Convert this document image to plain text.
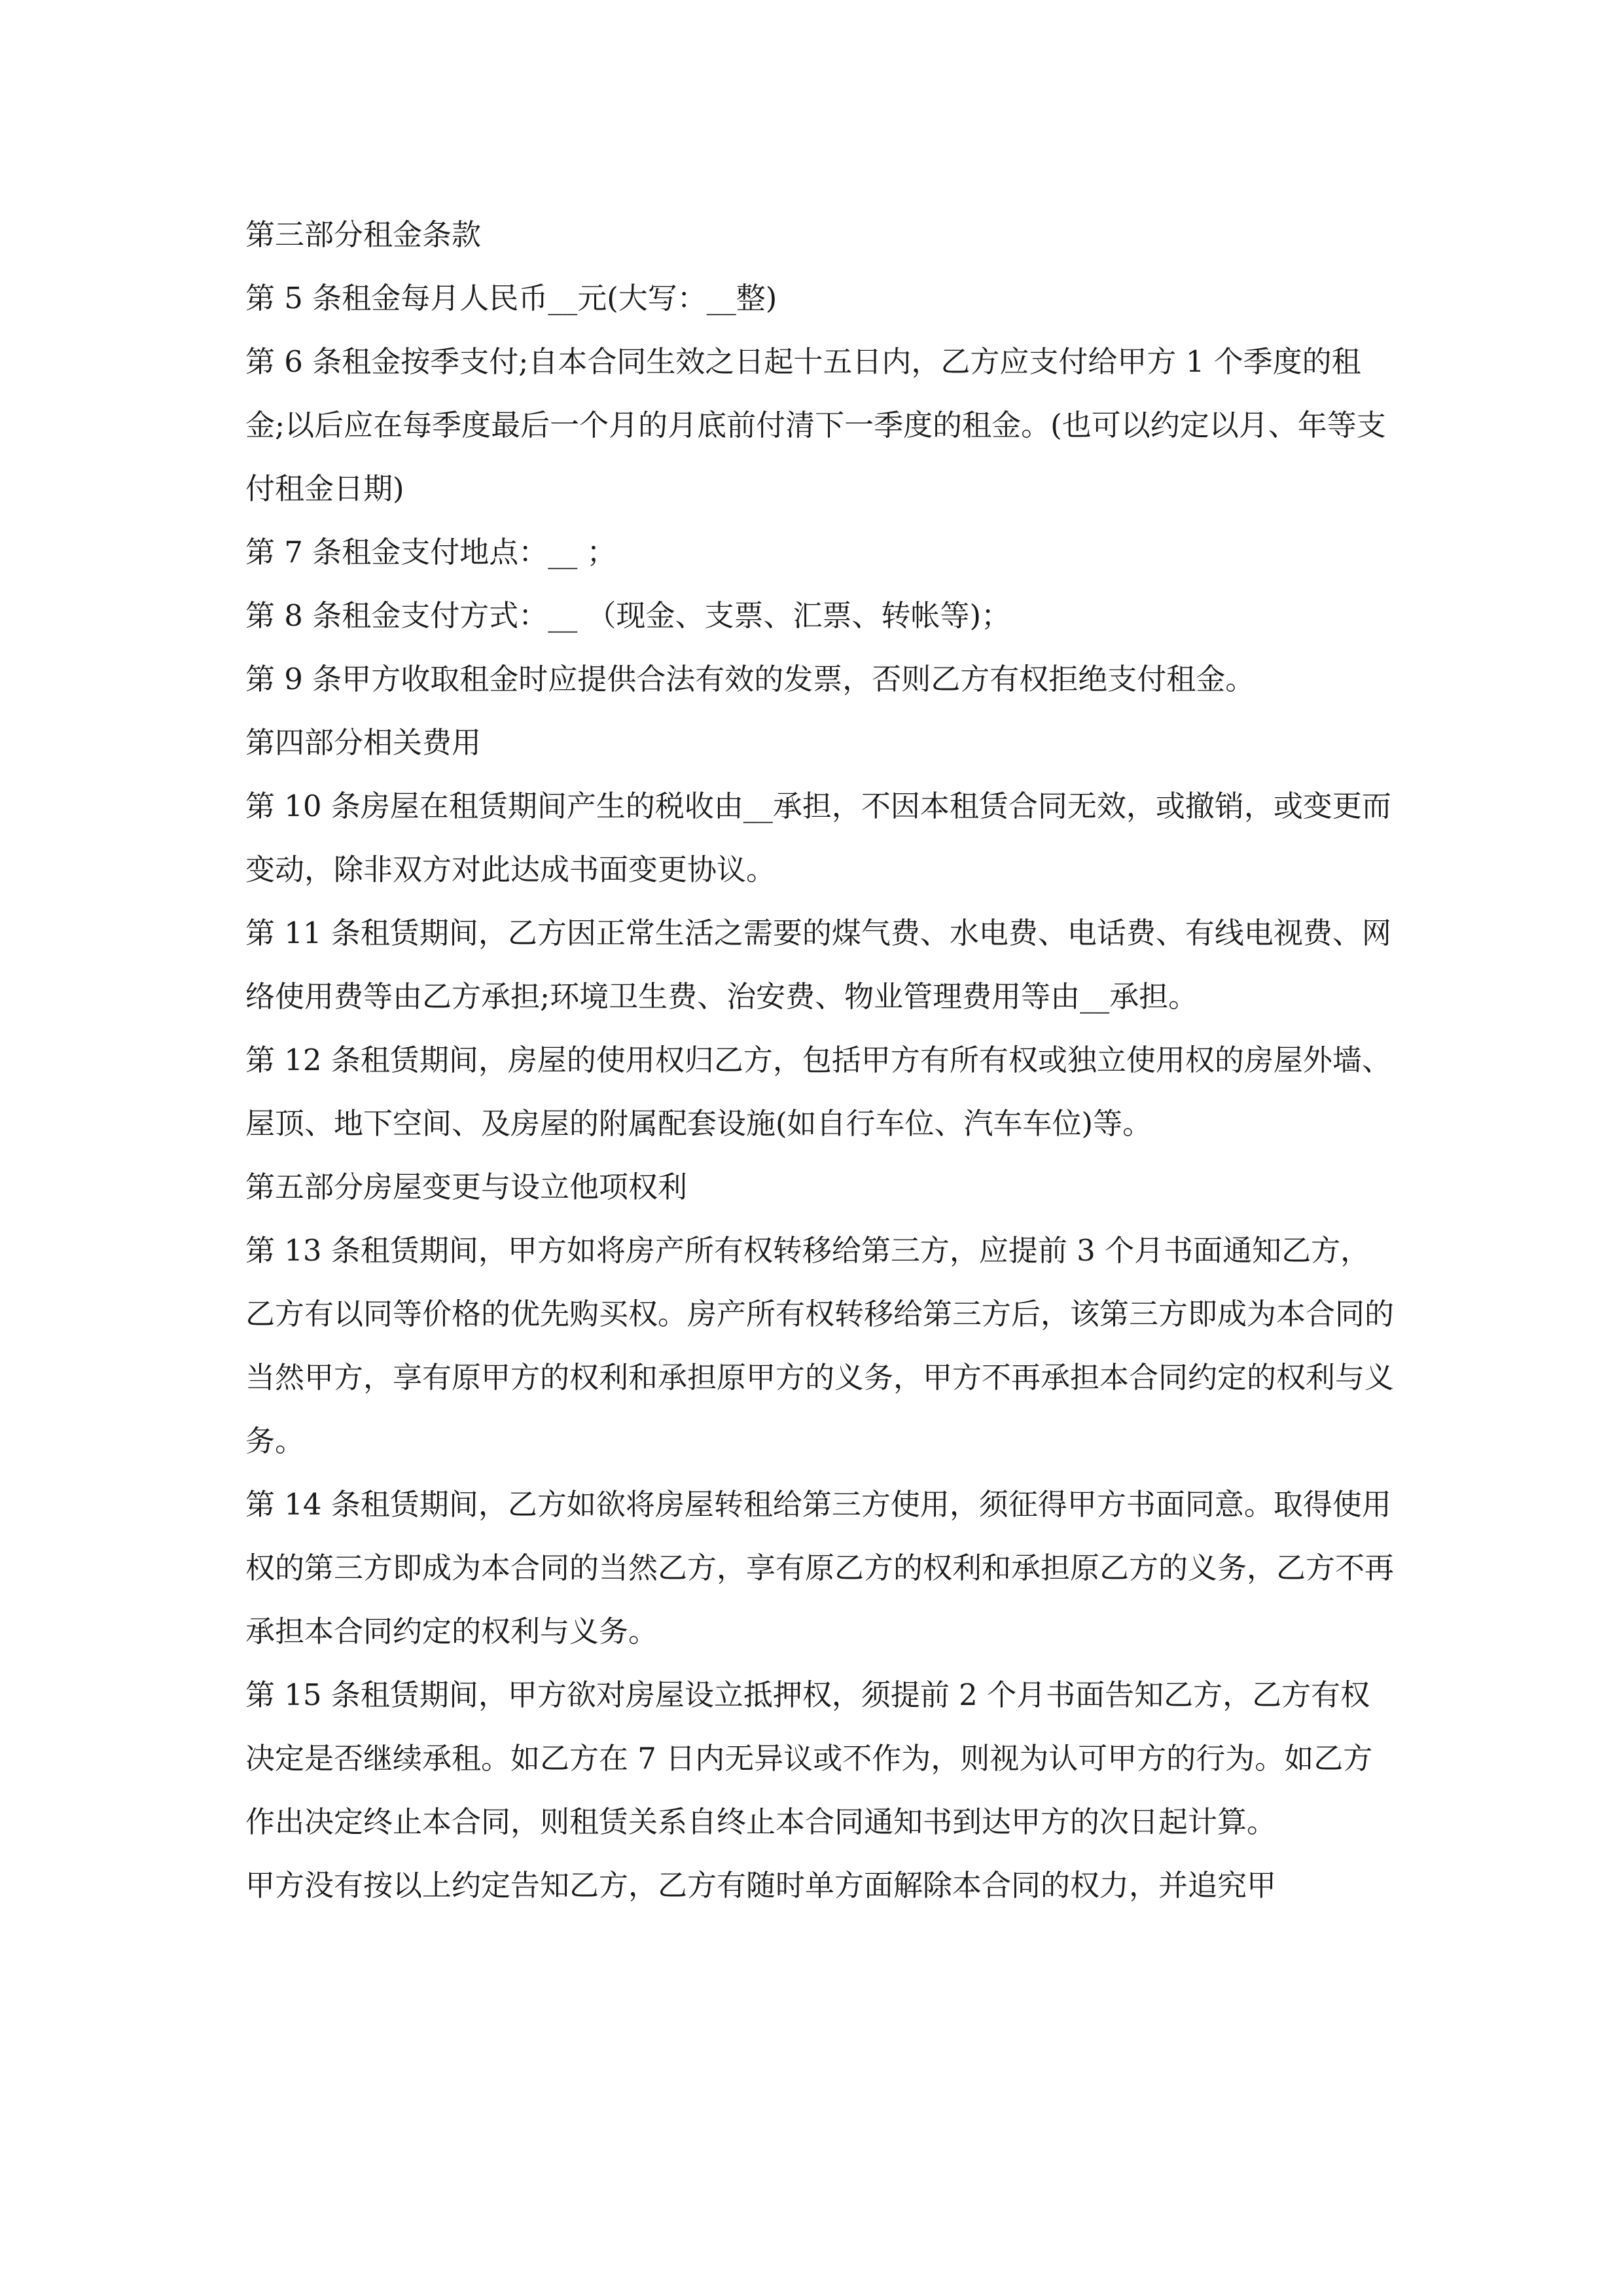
第三部分租金条款

第 5 条租金每月人民币__元(大写：__整)

第 6 条租金按季支付;自本合同生效之日起十五日内，乙方应支付给甲方 1 个季度的租金;以后应在每季度最后一个月的月底前付清下一季度的租金。(也可以约定以月、年等支付租金日期)

第 7 条租金支付地点：__ ；

第 8 条租金支付方式：__ （现金、支票、汇票、转帐等)；

第 9 条甲方收取租金时应提供合法有效的发票，否则乙方有权拒绝支付租金。

第四部分相关费用

第 10 条房屋在租赁期间产生的税收由__承担，不因本租赁合同无效，或撤销，或变更而变动，除非双方对此达成书面变更协议。

第 11 条租赁期间，乙方因正常生活之需要的煤气费、水电费、电话费、有线电视费、网络使用费等由乙方承担;环境卫生费、治安费、物业管理费用等由__承担。

第 12 条租赁期间，房屋的使用权归乙方，包括甲方有所有权或独立使用权的房屋外墙、屋顶、地下空间、及房屋的附属配套设施(如自行车位、汽车车位)等。

第五部分房屋变更与设立他项权利

第 13 条租赁期间，甲方如将房产所有权转移给第三方，应提前 3 个月书面通知乙方，乙方有以同等价格的优先购买权。房产所有权转移给第三方后，该第三方即成为本合同的当然甲方，享有原甲方的权利和承担原甲方的义务，甲方不再承担本合同约定的权利与义务。

第 14 条租赁期间，乙方如欲将房屋转租给第三方使用，须征得甲方书面同意。取得使用权的第三方即成为本合同的当然乙方，享有原乙方的权利和承担原乙方的义务，乙方不再承担本合同约定的权利与义务。

第 15 条租赁期间，甲方欲对房屋设立抵押权，须提前 2 个月书面告知乙方，乙方有权决定是否继续承租。如乙方在 7 日内无异议或不作为，则视为认可甲方的行为。如乙方作出决定终止本合同，则租赁关系自终止本合同通知书到达甲方的次日起计算。

甲方没有按以上约定告知乙方，乙方有随时单方面解除本合同的权力，并追究甲
